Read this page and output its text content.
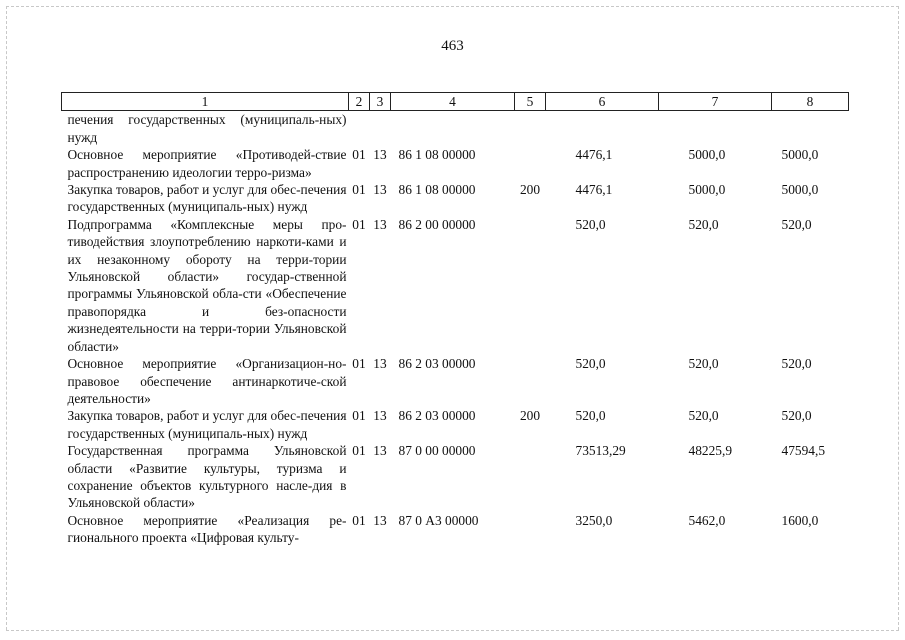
463
1	2	3	4	5	6	7	8
печения государственных (муниципаль-ных) нужд							
Основное мероприятие «Противодей-ствие распространению идеологии терро-ризма»	01	13	86 1 08 00000		4476,1	5000,0	5000,0
Закупка товаров, работ и услуг для обес-печения государственных (муниципаль-ных) нужд	01	13	86 1 08 00000	200	4476,1	5000,0	5000,0
Подпрограмма «Комплексные меры про-тиводействия злоупотреблению наркоти-ками и их незаконному обороту на терри-тории Ульяновской области» государ-ственной программы Ульяновской обла-сти «Обеспечение правопорядка и без-опасности жизнедеятельности на терри-тории Ульяновской области»	01	13	86 2 00 00000		520,0	520,0	520,0
Основное мероприятие «Организацион-но-правовое обеспечение антинаркотиче-ской деятельности»	01	13	86 2 03 00000		520,0	520,0	520,0
Закупка товаров, работ и услуг для обес-печения государственных (муниципаль-ных) нужд	01	13	86 2 03 00000	200	520,0	520,0	520,0
Государственная программа Ульяновской области «Развитие культуры, туризма и сохранение объектов культурного насле-дия в Ульяновской области»	01	13	87 0 00 00000		73513,29	48225,9	47594,5
Основное мероприятие «Реализация ре-гионального проекта «Цифровая культу-	01	13	87 0 А3 00000		3250,0	5462,0	1600,0
